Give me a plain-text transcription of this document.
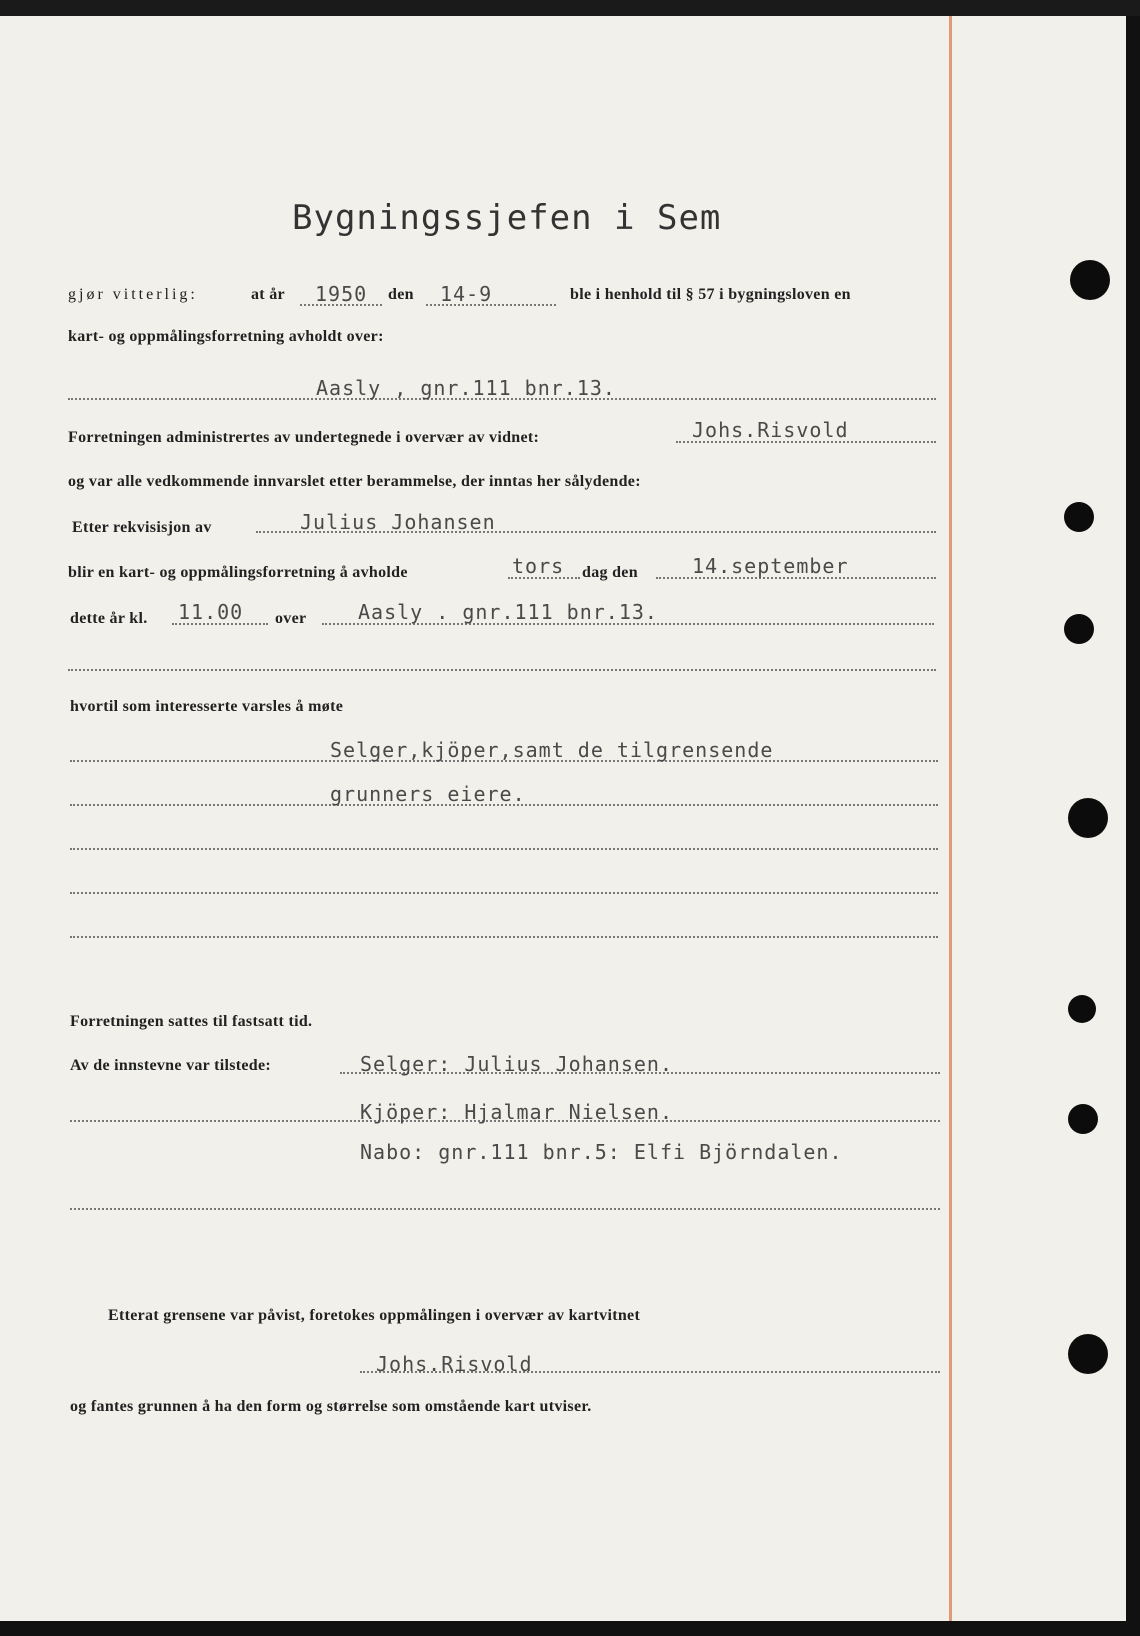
Bygningssjefen i Sem
gjør vitterlig:	at år 1950 den 14-9	ble i henhold til § 57 i bygningsloven en
kart- og oppmålingsforretning avholdt over:
Aasly , gnr.111 bnr.13.
Forretningen administrertes av undertegnede i overvær av vidnet:	Johs.Risvold
og var alle vedkommende innvarslet etter berammelse, der inntas her sålydende:
Etter rekvisisjon av	Julius Johansen
blir en kart- og oppmålingsforretning å avholde	tors dag den	14.september
dette år kl. 11.00 over	Aasly . gnr.111 bnr.13.
hvortil som interesserte varsles å møte
Selger,kjöper,samt de tilgrensende
grunners eiere.
Forretningen sattes til fastsatt tid.
Av de innstevne var tilstede:	Selger: Julius Johansen.
Kjöper: Hjalmar Nielsen.
Nabo: gnr.111 bnr.5: Elfi Björndalen.
Etterat grensene var påvist, foretokes oppmålingen i overvær av kartvitnet
Johs.Risvold
og fantes grunnen å ha den form og størrelse som omstående kart utviser.
